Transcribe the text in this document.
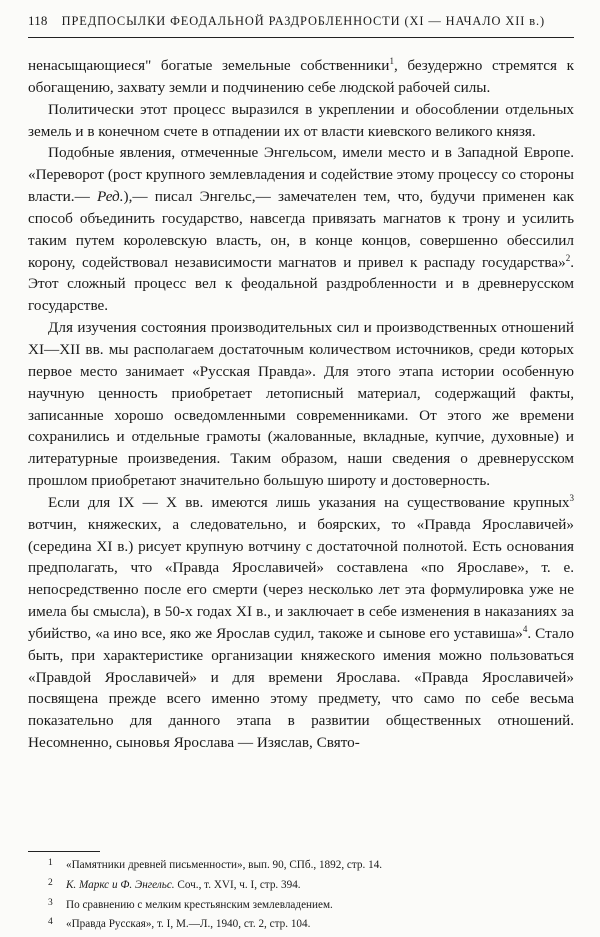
118 ПРЕДПОСЫЛКИ ФЕОДАЛЬНОЙ РАЗДРОБЛЕННОСТИ (XI — НАЧАЛО XII в.)

ненасыщающиеся" богатые земельные собственники$^1$, безудержно стремятся к обогащению, захвату земли и подчинению себе людской рабочей силы.

Политически этот процесс выразился в укреплении и обособлении отдельных земель и в конечном счете в отпадении их от власти киевского великого князя.

Подобные явления, отмеченные Энгельсом, имели место и в Западной Европе. «Переворот (рост крупного землевладения и содействие этому процессу со стороны власти.— Ред.),— писал Энгельс,— замечателен тем, что, будучи применен как способ объединить государство, навсегда привязать магнатов к трону и усилить таким путем королевскую власть, он, в конце концов, совершенно обессилил корону, содействовал независимости магнатов и привел к распаду государства»$^2$. Этот сложный процесс вел к феодальной раздробленности и в древнерусском государстве.

Для изучения состояния производительных сил и производственных отношений XI—XII вв. мы располагаем достаточным количеством источников, среди которых первое место занимает «Русская Правда». Для этого этапа истории особенную научную ценность приобретает летописный материал, содержащий факты, записанные хорошо осведомленными современниками. От этого же времени сохранились и отдельные грамоты (жалованные, вкладные, купчие, духовные) и литературные произведения. Таким образом, наши сведения о древнерусском прошлом приобретают значительно большую широту и достоверность.

Если для IX — X вв. имеются лишь указания на существование крупных$^3$ вотчин, княжеских, а следовательно, и боярских, то «Правда Ярославичей» (середина XI в.) рисует крупную вотчину с достаточной полнотой. Есть основания предполагать, что «Правда Ярославичей» составлена «по Ярославе», т. е. непосредственно после его смерти (через несколько лет эта формулировка уже не имела бы смысла), в 50-х годах XI в., и заключает в себе изменения в наказаниях за убийство, «а ино все, яко же Ярослав судил, такоже и сынове его уставиша»$^4$. Стало быть, при характеристике организации княжеского имения можно пользоваться «Правдой Ярославичей» и для времени Ярослава. «Правда Ярославичей» посвящена прежде всего именно этому предмету, что само по себе весьма показательно для данного этапа в развитии общественных отношений. Несомненно, сыновья Ярослава — Изяслав, Свято-

1 «Памятники древней письменности», вып. 90, СПб., 1892, стр. 14.
2 К. Маркс и Ф. Энгельс. Соч., т. XVI, ч. I, стр. 394.
3 По сравнению с мелким крестьянским землевладением.
4 «Правда Русская», т. I, М.—Л., 1940, ст. 2, стр. 104.
